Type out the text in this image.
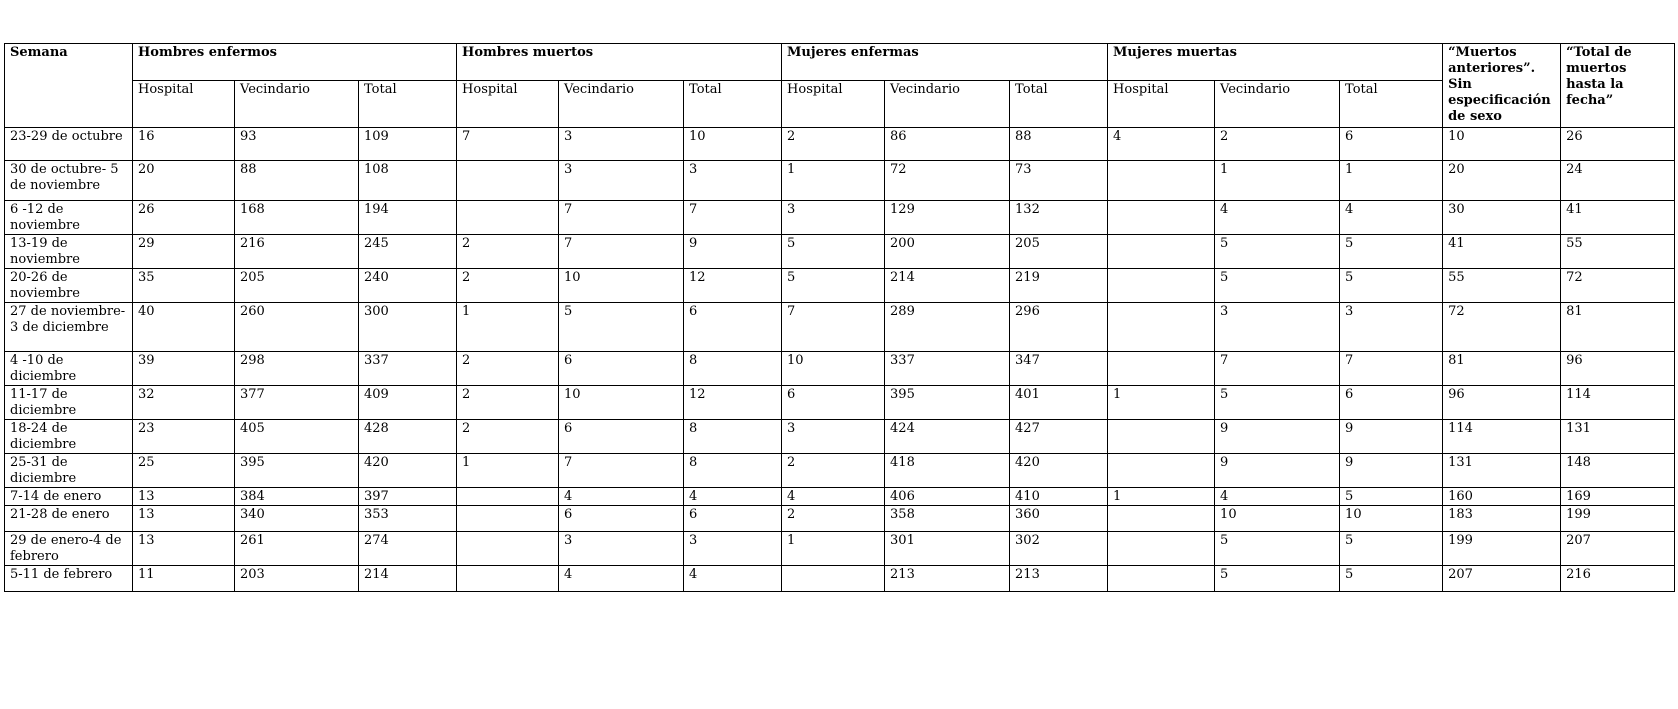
Semana	Hombres enfermos			Hombres muertos			Mujeres enfermas			Mujeres muertas			“Muertos anteriores”. Sin especificación de sexo	“Total de muertos hasta la fecha”
	Hospital	Vecindario	Total	Hospital	Vecindario	Total	Hospital	Vecindario	Total	Hospital	Vecindario	Total		
23-29 de octubre	16	93	109	7	3	10	2	86	88	4	2	6	10	26
30 de octubre- 5 de noviembre	20	88	108		3	3	1	72	73		1	1	20	24
6 -12 de noviembre	26	168	194		7	7	3	129	132		4	4	30	41
13-19 de noviembre	29	216	245	2	7	9	5	200	205		5	5	41	55
20-26 de noviembre	35	205	240	2	10	12	5	214	219		5	5	55	72
27 de noviembre-3 de diciembre	40	260	300	1	5	6	7	289	296		3	3	72	81
4 -10 de diciembre	39	298	337	2	6	8	10	337	347		7	7	81	96
11-17 de diciembre	32	377	409	2	10	12	6	395	401	1	5	6	96	114
18-24 de diciembre	23	405	428	2	6	8	3	424	427		9	9	114	131
25-31 de diciembre	25	395	420	1	7	8	2	418	420		9	9	131	148
7-14 de enero	13	384	397		4	4	4	406	410	1	4	5	160	169
21-28 de enero	13	340	353		6	6	2	358	360		10	10	183	199
29 de enero-4 de febrero	13	261	274		3	3	1	301	302		5	5	199	207
5-11 de febrero	11	203	214		4	4		213	213		5	5	207	216
